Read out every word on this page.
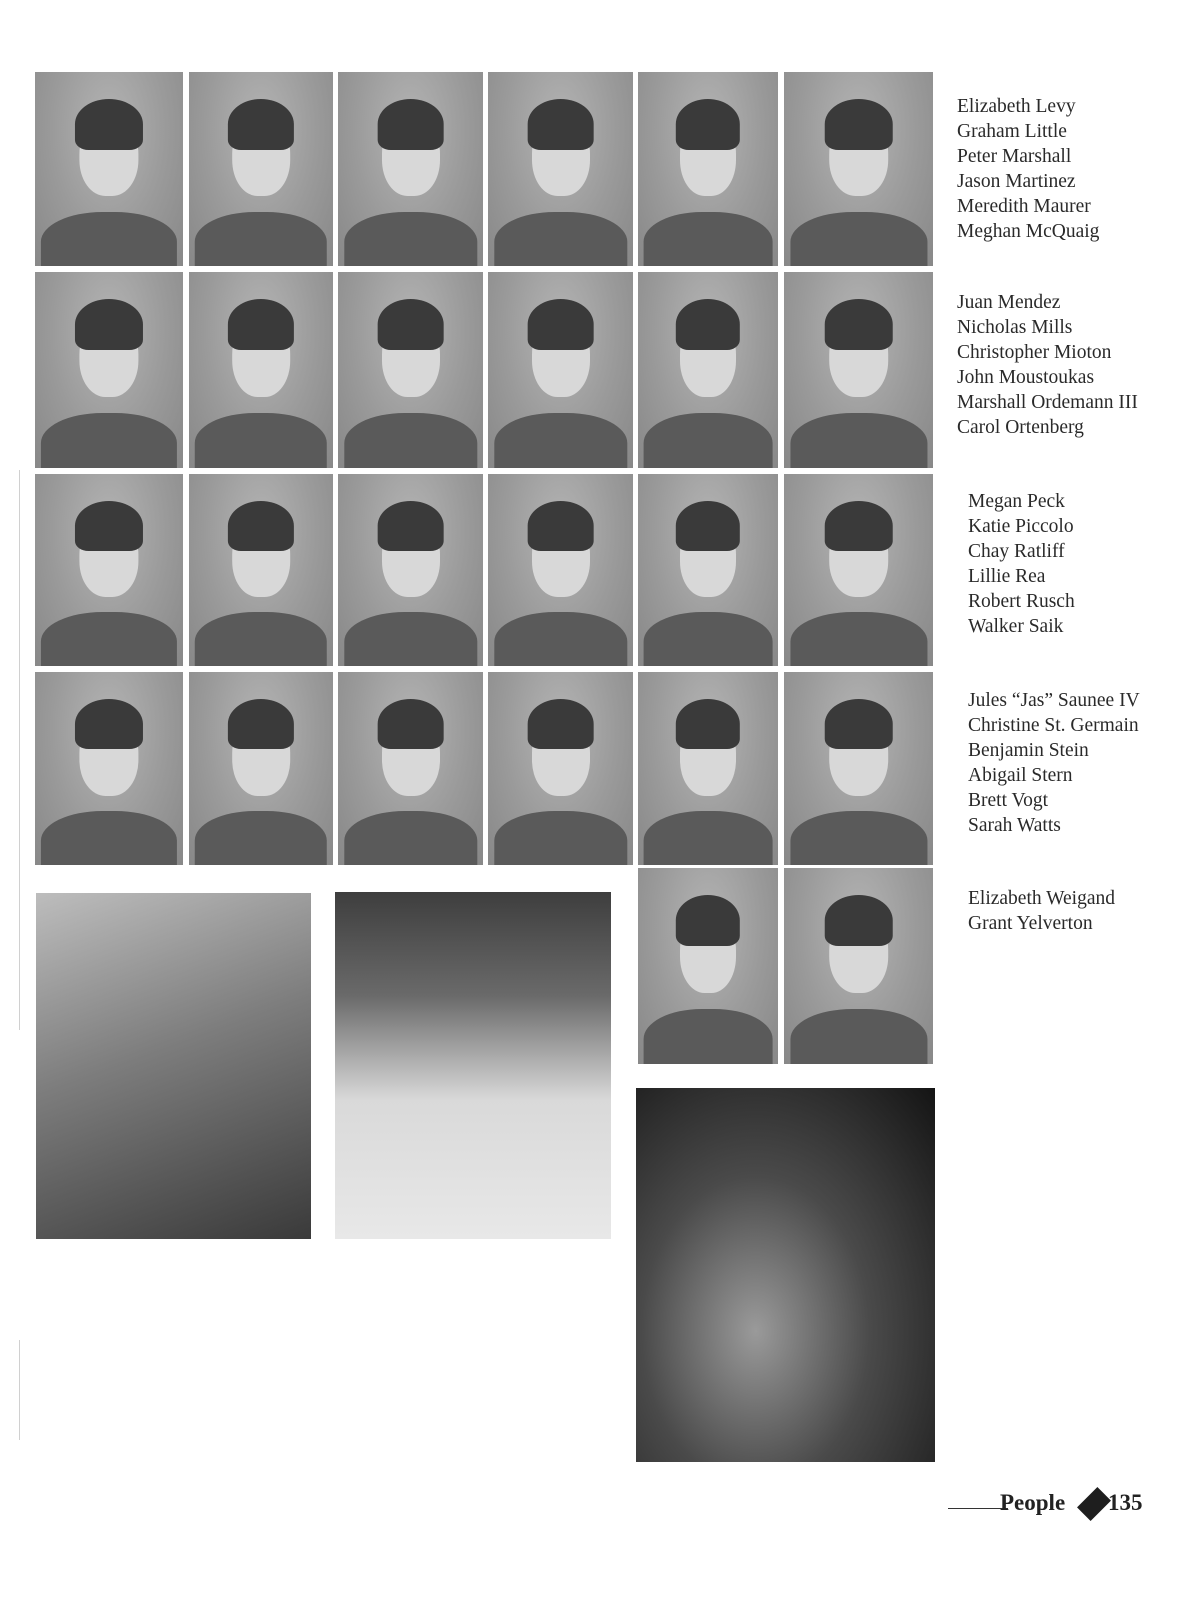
Elizabeth Levy
Graham Little
Peter Marshall
Jason Martinez
Meredith Maurer
Meghan McQuaig
Juan Mendez
Nicholas Mills
Christopher Mioton
John Moustoukas
Marshall Ordemann III
Carol Ortenberg
Megan Peck
Katie Piccolo
Chay Ratliff
Lillie Rea
Robert Rusch
Walker Saik
Jules “Jas” Saunee IV
Christine St. Germain
Benjamin Stein
Abigail Stern
Brett Vogt
Sarah Watts
Elizabeth Weigand
Grant Yelverton
People 135
